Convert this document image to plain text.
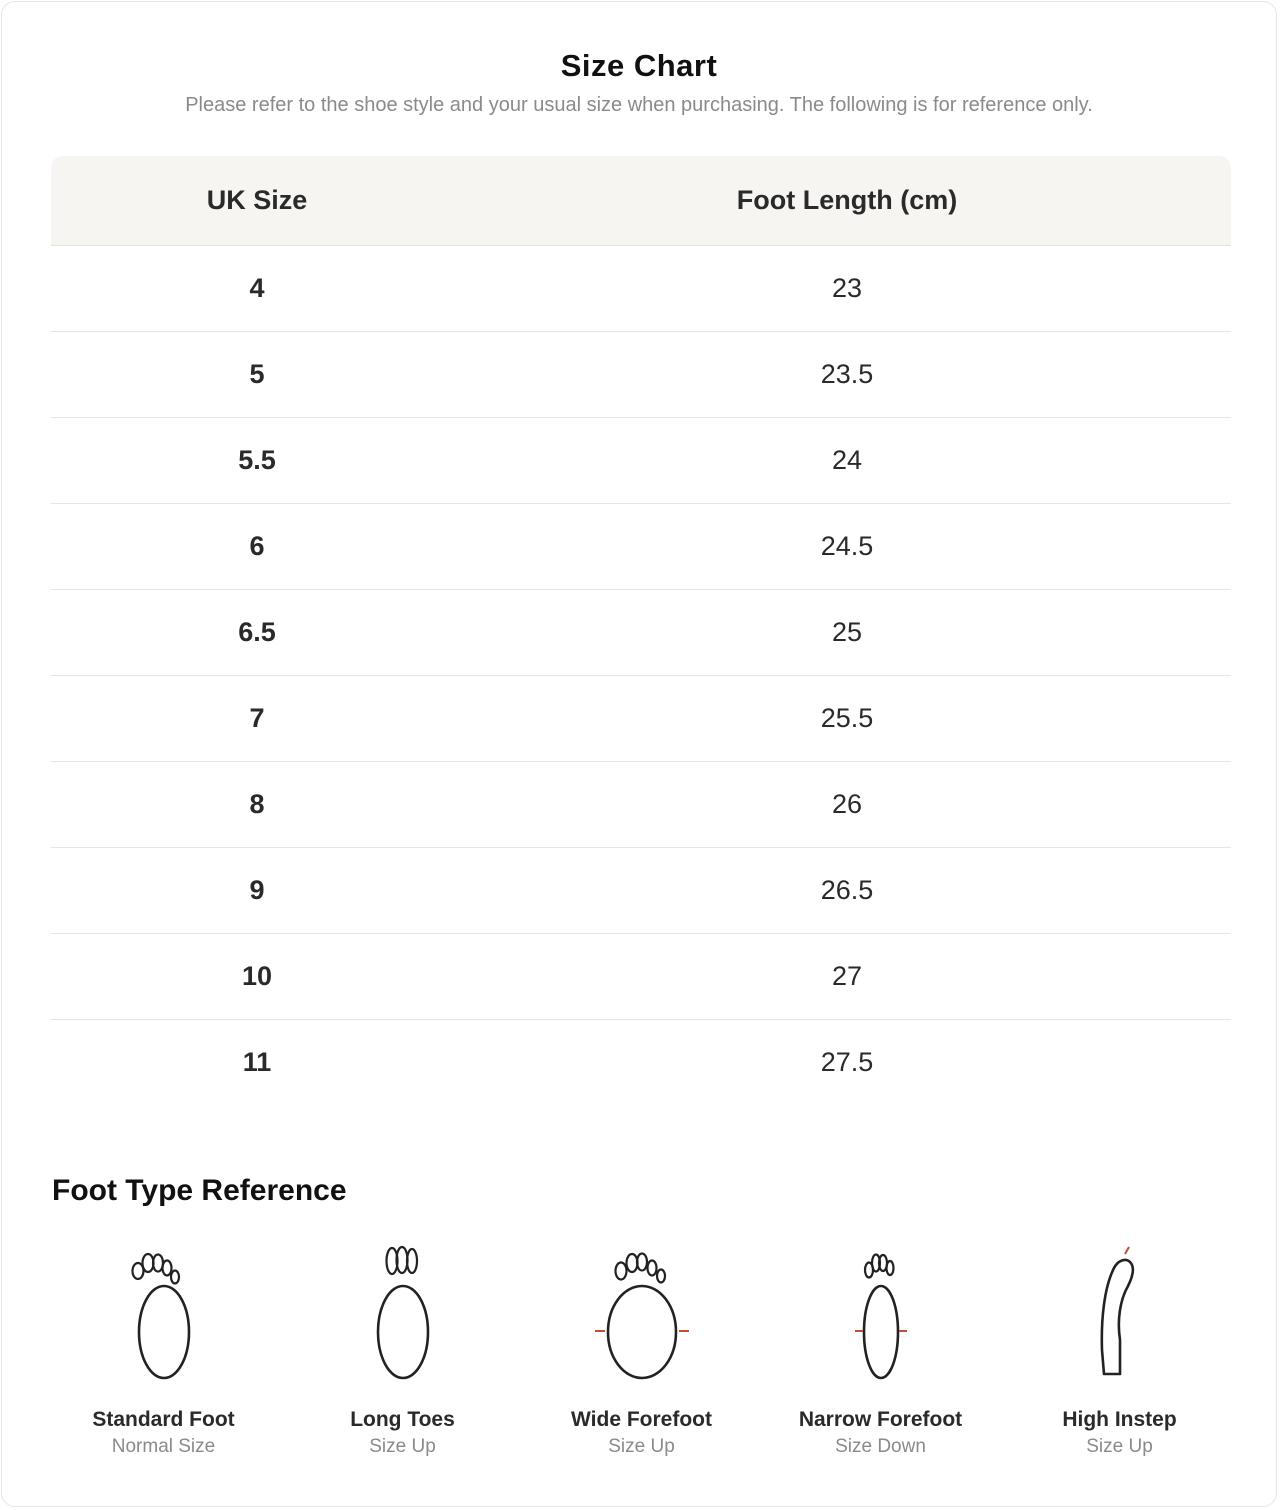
Size Chart
Please refer to the shoe style and your usual size when purchasing. The following is for reference only.
UK Size	Foot Length (cm)
4	23
5	23.5
5.5	24
6	24.5
6.5	25
7	25.5
8	26
9	26.5
10	27
11	27.5
Foot Type Reference
Standard Foot
Normal Size
Long Toes
Size Up
Wide Forefoot
Size Up
Narrow Forefoot
Size Down
High Instep
Size Up
